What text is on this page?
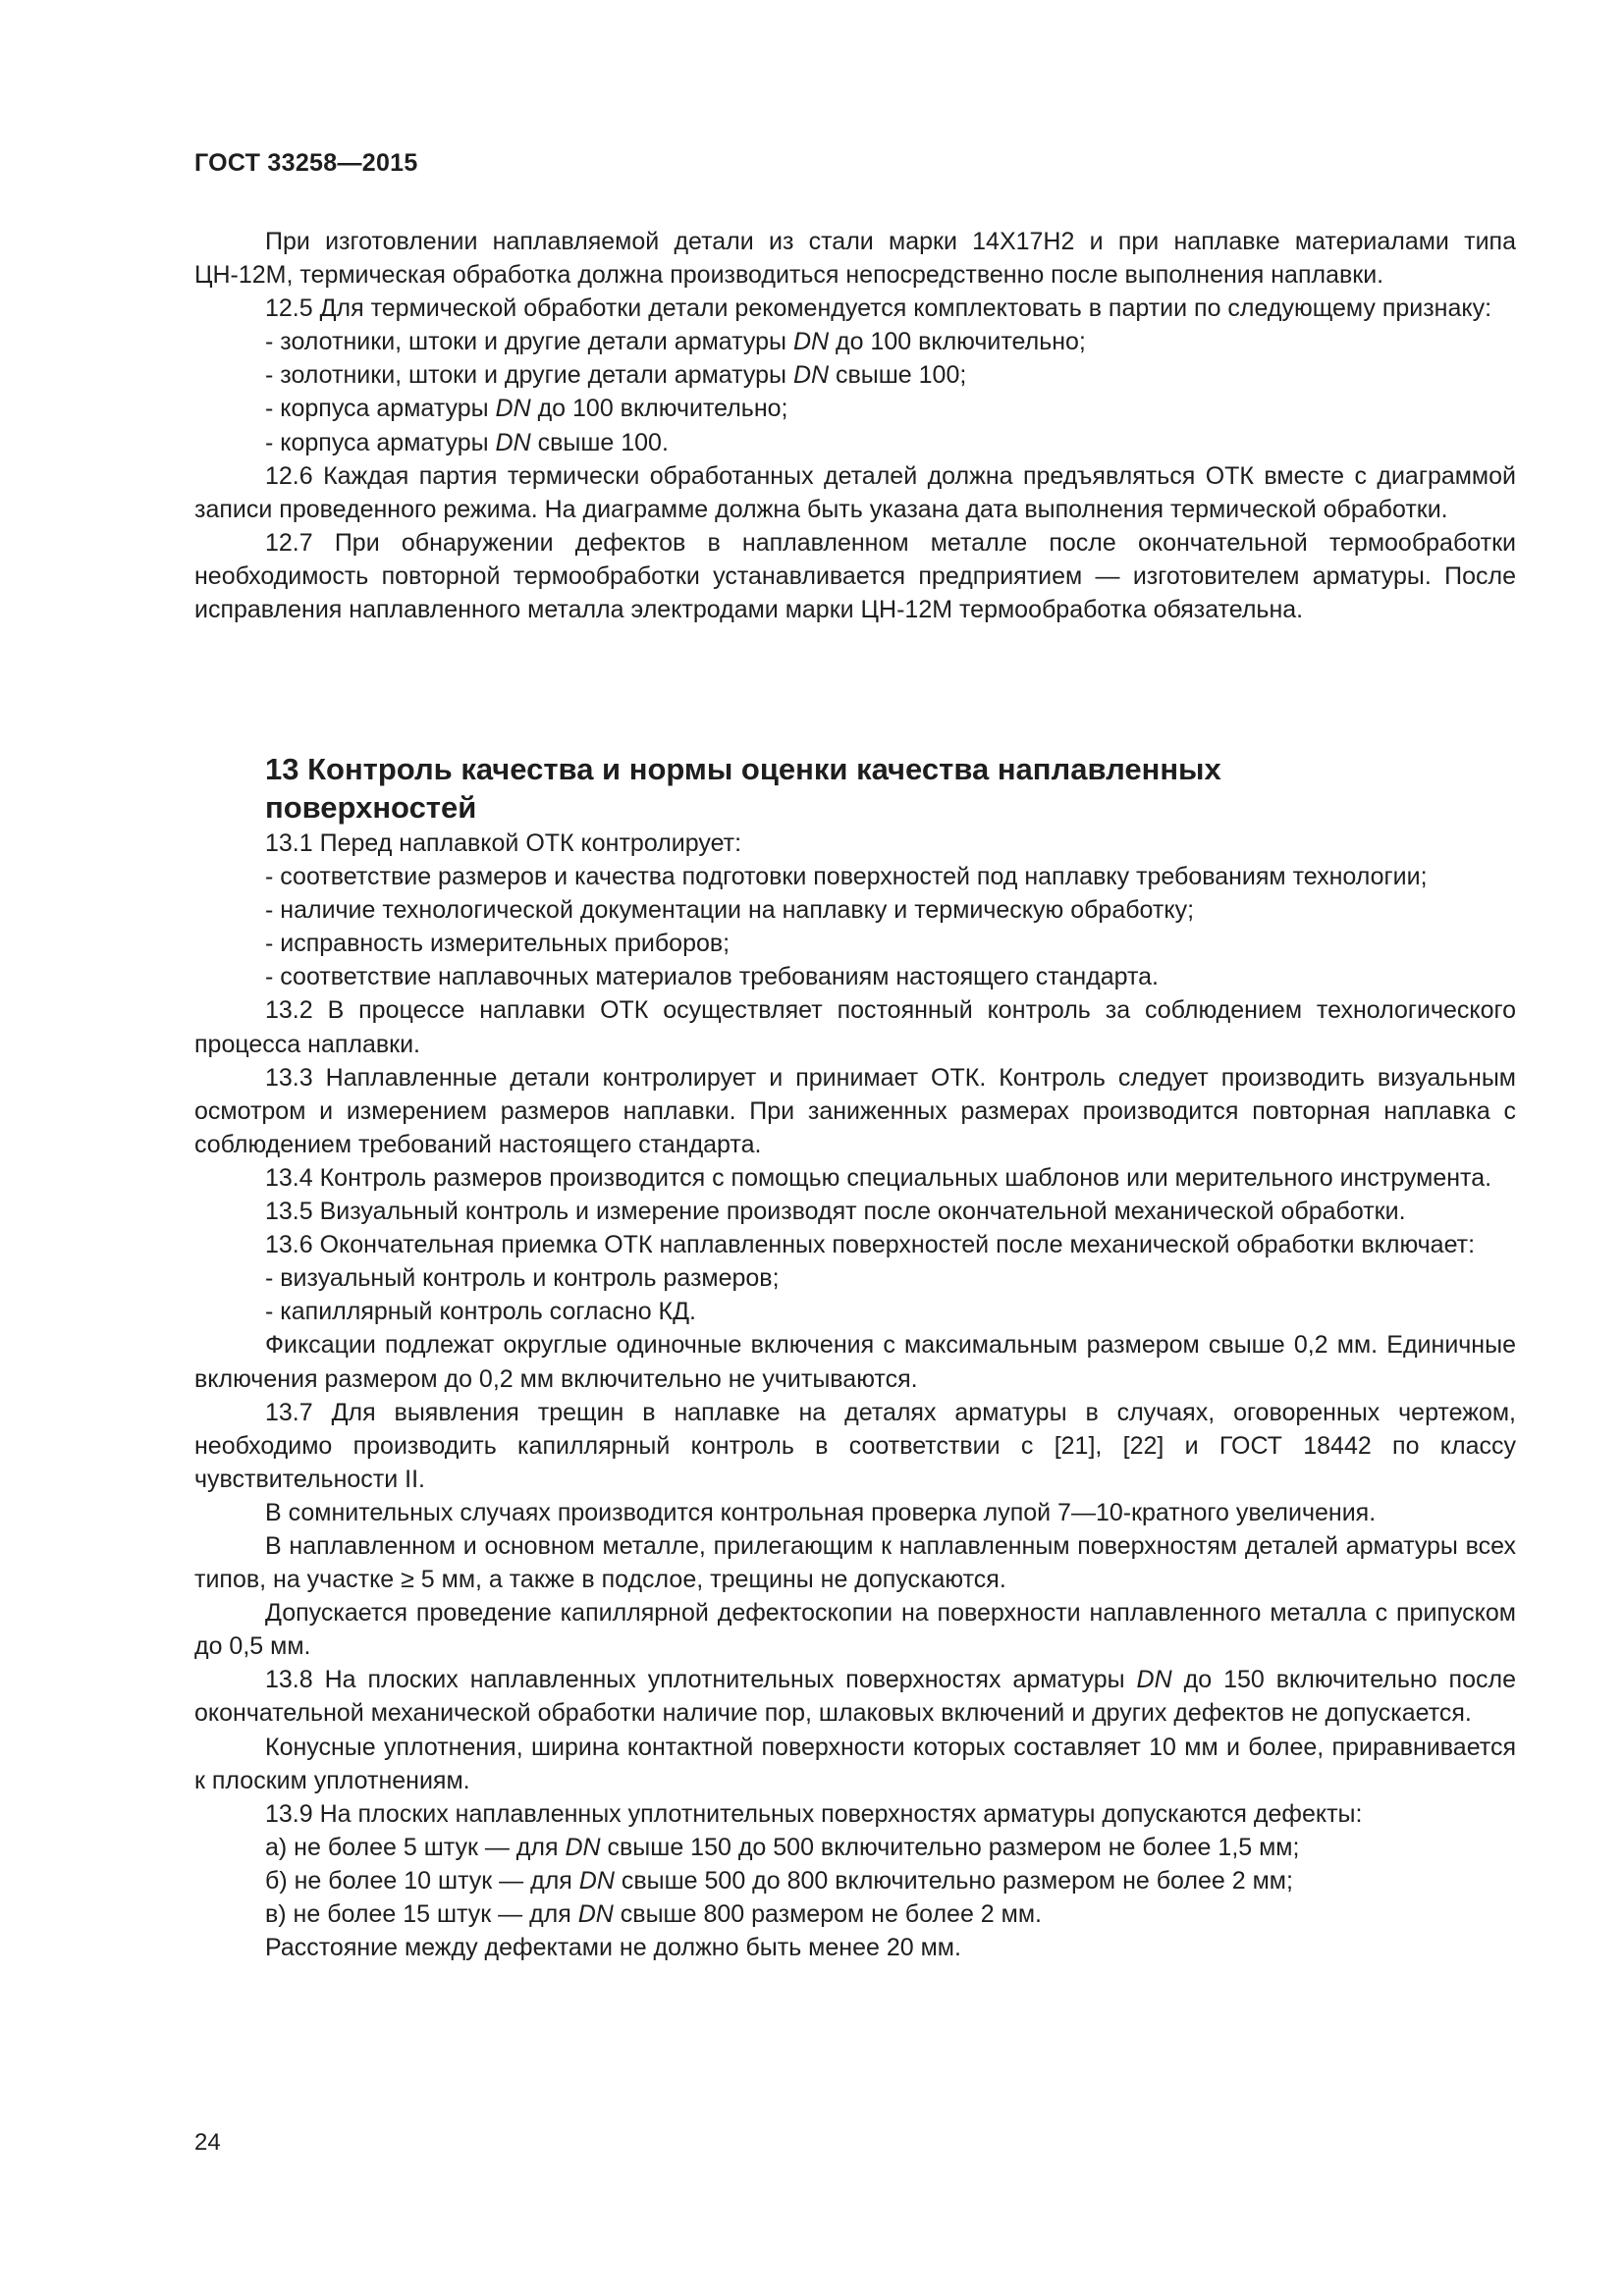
ГОСТ 33258—2015

При изготовлении наплавляемой детали из стали марки 14Х17Н2 и при наплавке материалами типа ЦН-12М, термическая обработка должна производиться непосредственно после выполнения наплавки.

12.5 Для термической обработки детали рекомендуется комплектовать в партии по следующему признаку:

- золотники, штоки и другие детали арматуры DN до 100 включительно;

- золотники, штоки и другие детали арматуры DN свыше 100;

- корпуса арматуры DN до 100 включительно;

- корпуса арматуры DN свыше 100.

12.6 Каждая партия термически обработанных деталей должна предъявляться ОТК вместе с диаграммой записи проведенного режима. На диаграмме должна быть указана дата выполнения термической обработки.

12.7 При обнаружении дефектов в наплавленном металле после окончательной термообработки необходимость повторной термообработки устанавливается предприятием — изготовителем арматуры. После исправления наплавленного металла электродами марки ЦН-12М термообработка обязательна.

13 Контроль качества и нормы оценки качества наплавленных
поверхностей

13.1 Перед наплавкой ОТК контролирует:

- соответствие размеров и качества подготовки поверхностей под наплавку требованиям технологии;

- наличие технологической документации на наплавку и термическую обработку;

- исправность измерительных приборов;

- соответствие наплавочных материалов требованиям настоящего стандарта.

13.2 В процессе наплавки ОТК осуществляет постоянный контроль за соблюдением технологического процесса наплавки.

13.3 Наплавленные детали контролирует и принимает ОТК. Контроль следует производить визуальным осмотром и измерением размеров наплавки. При заниженных размерах производится повторная наплавка с соблюдением требований настоящего стандарта.

13.4 Контроль размеров производится с помощью специальных шаблонов или мерительного инструмента.

13.5 Визуальный контроль и измерение производят после окончательной механической обработки.

13.6 Окончательная приемка ОТК наплавленных поверхностей после механической обработки включает:

- визуальный контроль и контроль размеров;

- капиллярный контроль согласно КД.

Фиксации подлежат округлые одиночные включения с максимальным размером свыше 0,2 мм. Единичные включения размером до 0,2 мм включительно не учитываются.

13.7 Для выявления трещин в наплавке на деталях арматуры в случаях, оговоренных чертежом, необходимо производить капиллярный контроль в соответствии с [21], [22] и ГОСТ 18442 по классу чувствительности II.

В сомнительных случаях производится контрольная проверка лупой 7—10-кратного увеличения.

В наплавленном и основном металле, прилегающим к наплавленным поверхностям деталей арматуры всех типов, на участке ≥ 5 мм, а также в подслое, трещины не допускаются.

Допускается проведение капиллярной дефектоскопии на поверхности наплавленного металла с припуском до 0,5 мм.

13.8 На плоских наплавленных уплотнительных поверхностях арматуры DN до 150 включительно после окончательной механической обработки наличие пор, шлаковых включений и других дефектов не допускается.

Конусные уплотнения, ширина контактной поверхности которых составляет 10 мм и более, приравнивается к плоским уплотнениям.

13.9 На плоских наплавленных уплотнительных поверхностях арматуры допускаются дефекты:

а) не более 5 штук — для DN свыше 150 до 500 включительно размером не более 1,5 мм;

б) не более 10 штук — для DN свыше 500 до 800 включительно размером не более 2 мм;

в) не более 15 штук — для DN свыше 800 размером не более 2 мм.

Расстояние между дефектами не должно быть менее 20 мм.

24
